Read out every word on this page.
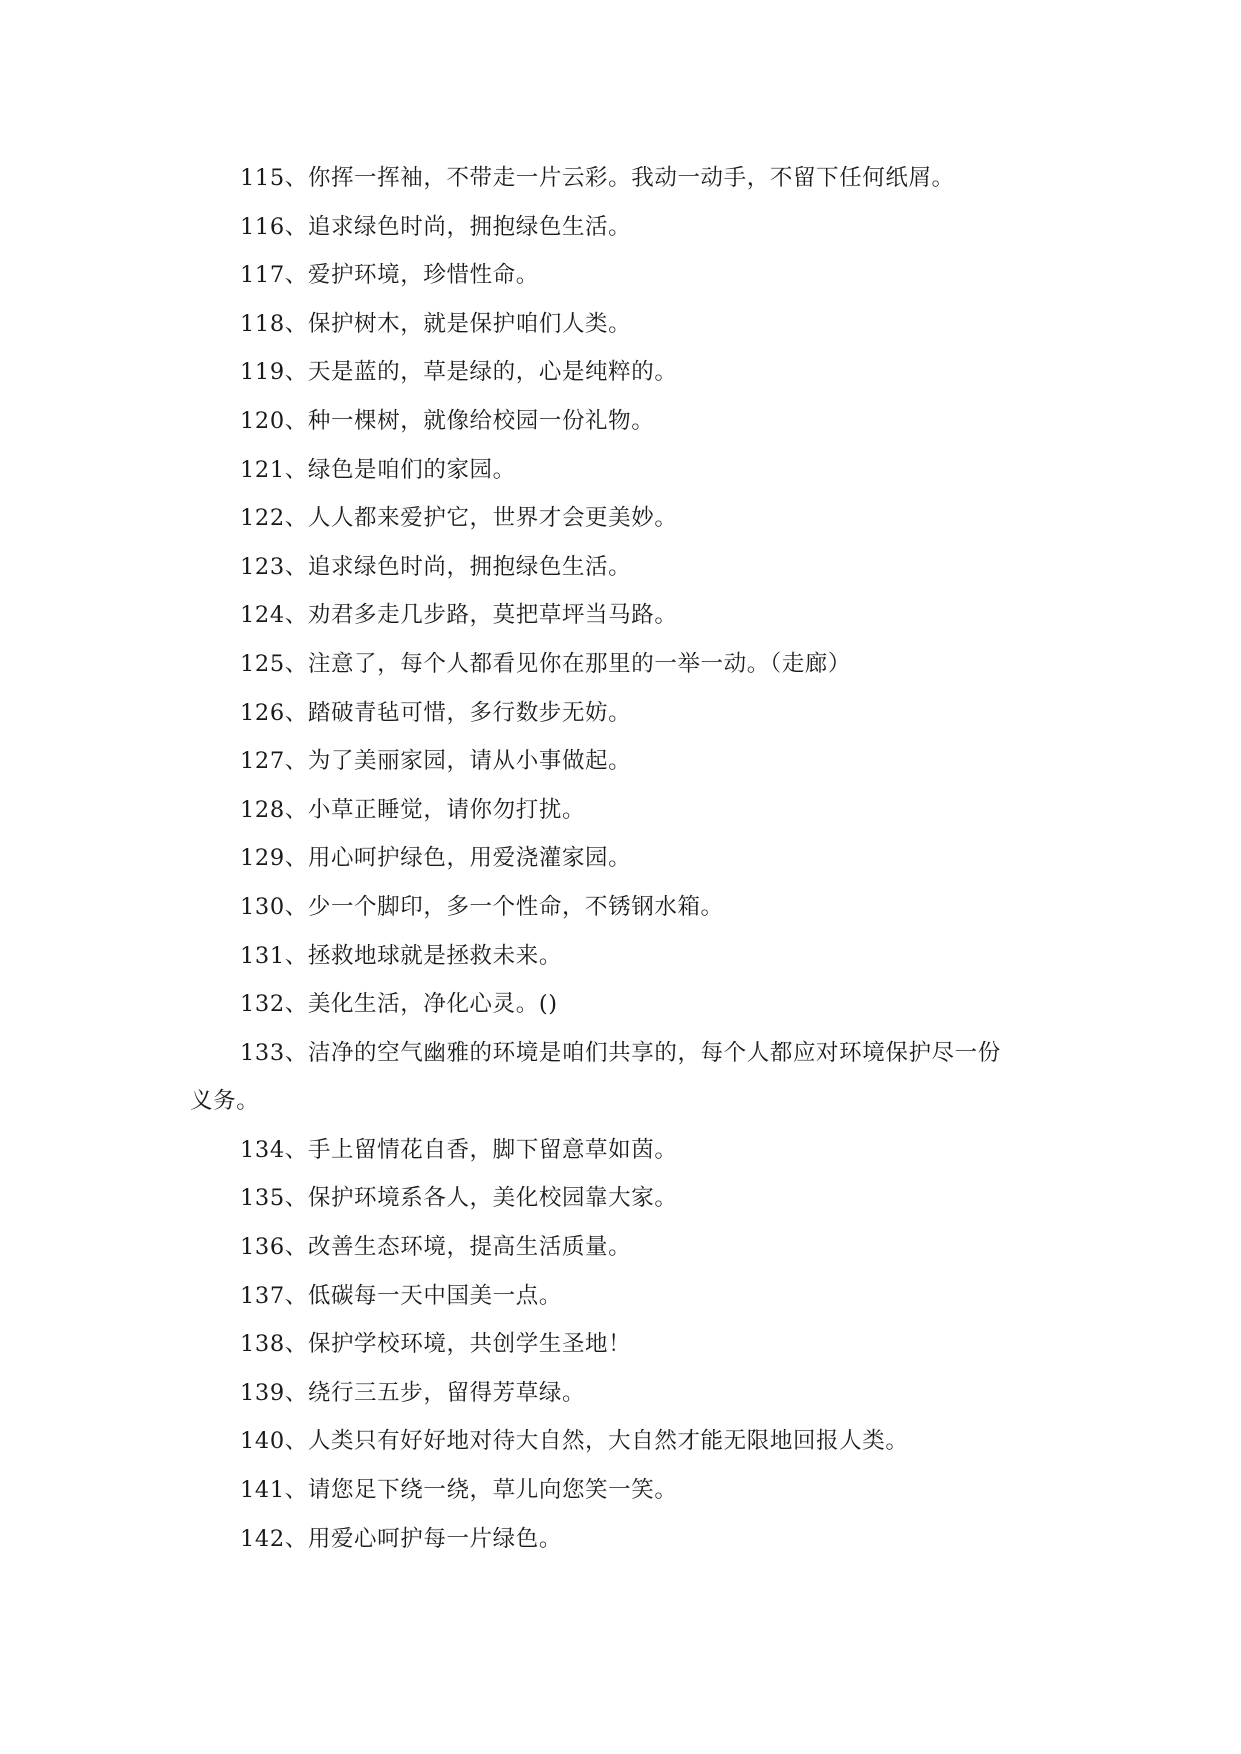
115、你挥一挥袖，不带走一片云彩。我动一动手，不留下任何纸屑。
116、追求绿色时尚，拥抱绿色生活。
117、爱护环境，珍惜性命。
118、保护树木，就是保护咱们人类。
119、天是蓝的，草是绿的，心是纯粹的。
120、种一棵树，就像给校园一份礼物。
121、绿色是咱们的家园。
122、人人都来爱护它，世界才会更美妙。
123、追求绿色时尚，拥抱绿色生活。
124、劝君多走几步路，莫把草坪当马路。
125、注意了，每个人都看见你在那里的一举一动。（走廊）
126、踏破青毡可惜，多行数步无妨。
127、为了美丽家园，请从小事做起。
128、小草正睡觉，请你勿打扰。
129、用心呵护绿色，用爱浇灌家园。
130、少一个脚印，多一个性命，不锈钢水箱。
131、拯救地球就是拯救未来。
132、美化生活，净化心灵。()
133、洁净的空气幽雅的环境是咱们共享的，每个人都应对环境保护尽一份
义务。
134、手上留情花自香，脚下留意草如茵。
135、保护环境系各人，美化校园靠大家。
136、改善生态环境，提高生活质量。
137、低碳每一天中国美一点。
138、保护学校环境，共创学生圣地！
139、绕行三五步，留得芳草绿。
140、人类只有好好地对待大自然，大自然才能无限地回报人类。
141、请您足下绕一绕，草儿向您笑一笑。
142、用爱心呵护每一片绿色。
